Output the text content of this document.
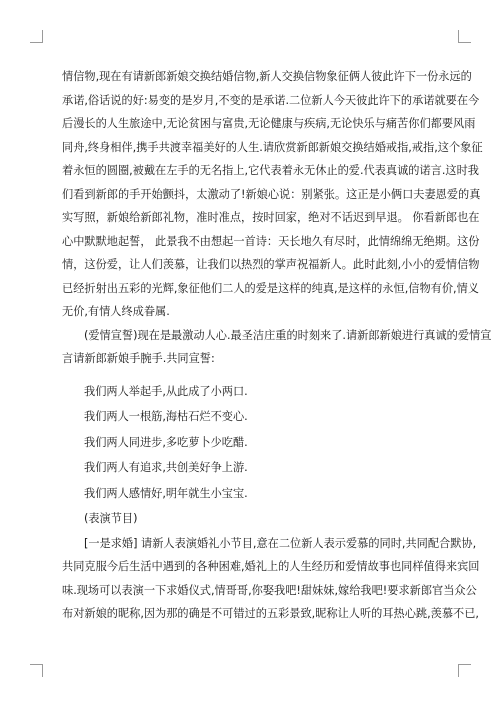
情信物,现在有请新郎新娘交换结婚信物,新人交换信物象征俩人彼此许下一份永远的
承诺,俗话说的好:易变的是岁月,不变的是承诺.二位新人今天彼此许下的承诺就要在今
后漫长的人生旅途中,无论贫困与富贵,无论健康与疾病,无论快乐与痛苦你们都要风雨
同舟,终身相伴,携手共渡幸福美好的人生.请欣赏新郎新娘交换结婚戒指,戒指,这个象征
着永恒的圆圈,被戴在左手的无名指上,它代表着永无休止的爱.代表真诚的诺言.这时我
们看到新郎的手开始颤抖，太激动了!新娘心说：别紧张。这正是小俩口夫妻恩爱的真
实写照，新娘给新郎礼物，准时准点，按时回家，绝对不话迟到早退。 你看新郎也在
心中默默地起誓， 此景我不由想起一首诗：天长地久有尽时，此情绵绵无绝期。这份
情，这份爱，让人们羡慕，让我们以热烈的掌声祝福新人。此时此刻,小小的爱情信物
已经折射出五彩的光辉,象征他们二人的爱是这样的纯真,是这样的永恒,信物有价,情义
无价,有情人终成眷属.
(爱情宣誓)现在是最激动人心.最圣洁庄重的时刻来了.请新郎新娘进行真诚的爱情宣
言请新郎新娘手腕手.共同宣誓:
我们两人举起手,从此成了小两口.
我们两人一根筋,海枯石烂不变心.
我们两人同进步,多吃萝卜少吃醋.
我们两人有追求,共创美好争上游.
我们两人感情好,明年就生小宝宝.
(表演节目)
[一是求婚] 请新人表演婚礼小节目,意在二位新人表示爱慕的同时,共同配合默协,
共同克服今后生活中遇到的各种困难,婚礼上的人生经历和爱情故事也同样值得来宾回
味.现场可以表演一下求婚仪式,情哥哥,你娶我吧!甜妹妹,嫁给我吧!要求新郎官当众公
布对新娘的昵称,因为那的确是不可错过的五彩景致,昵称让人听的耳热心跳,羡慕不已,
